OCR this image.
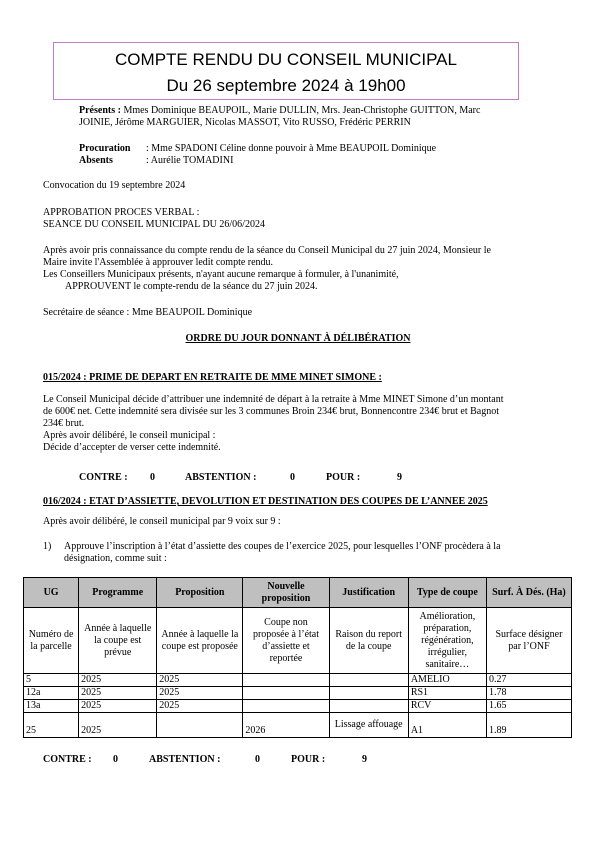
COMPTE RENDU DU CONSEIL MUNICIPAL
Du 26 septembre 2024 à 19h00
Présents : Mmes Dominique BEAUPOIL, Marie DULLIN, Mrs. Jean-Christophe GUITTON, Marc
JOINIE, Jérôme MARGUIER, Nicolas MASSOT, Vito RUSSO, Frédéric PERRIN
Procuration : Mme SPADONI Céline donne pouvoir à Mme BEAUPOIL Dominique
Absents	: Aurélie TOMADINI
Convocation du 19 septembre 2024
APPROBATION PROCES VERBAL :
SEANCE DU CONSEIL MUNICIPAL DU 26/06/2024
Après avoir pris connaissance du compte rendu de la séance du Conseil Municipal du 27 juin 2024, Monsieur le
Maire invite l'Assemblée à approuver ledit compte rendu.
Les Conseillers Municipaux présents, n'ayant aucune remarque à formuler, à l'unanimité,
APPROUVENT le compte-rendu de la séance du 27 juin 2024.
Secrétaire de séance : Mme BEAUPOIL Dominique
ORDRE DU JOUR DONNANT À DÉLIBÉRATION
015/2024 : PRIME DE DEPART EN RETRAITE DE MME MINET SIMONE :
Le Conseil Municipal décide d’attribuer une indemnité de départ à la retraite à Mme MINET Simone d’un montant
de 600€ net. Cette indemnité sera divisée sur les 3 communes Broin 234€ brut, Bonnencontre 234€ brut et Bagnot
234€ brut.
Après avoir délibéré, le conseil municipal :
Décide d’accepter de verser cette indemnité.
CONTRE : 0	ABSTENTION :	0	POUR :	9
016/2024 : ETAT D’ASSIETTE, DEVOLUTION ET DESTINATION DES COUPES DE L’ANNEE 2025
Après avoir délibéré, le conseil municipal par 9 voix sur 9 :
1) Approuve l’inscription à l’état d’assiette des coupes de l’exercice 2025, pour lesquelles l’ONF procèdera à la
désignation, comme suit :
UG	Programme	Proposition	Nouvelle proposition	Justification	Type de coupe	Surf. À Dés. (Ha)
Numéro de la parcelle	Année à laquelle la coupe est prévue	Année à laquelle la coupe est proposée	Coupe non proposée à l’état d’assiette et reportée	Raison du report de la coupe	Amélioration, préparation, régénération, irrégulier, sanitaire…	Surface désigner par l’ONF
5	2025	2025			AMELIO	0.27
12a	2025	2025			RS1	1.78
13a	2025	2025			RCV	1.65
25	2025		2026	Lissage affouage	A1	1.89
CONTRE : 0	ABSTENTION :	0	POUR :	9
